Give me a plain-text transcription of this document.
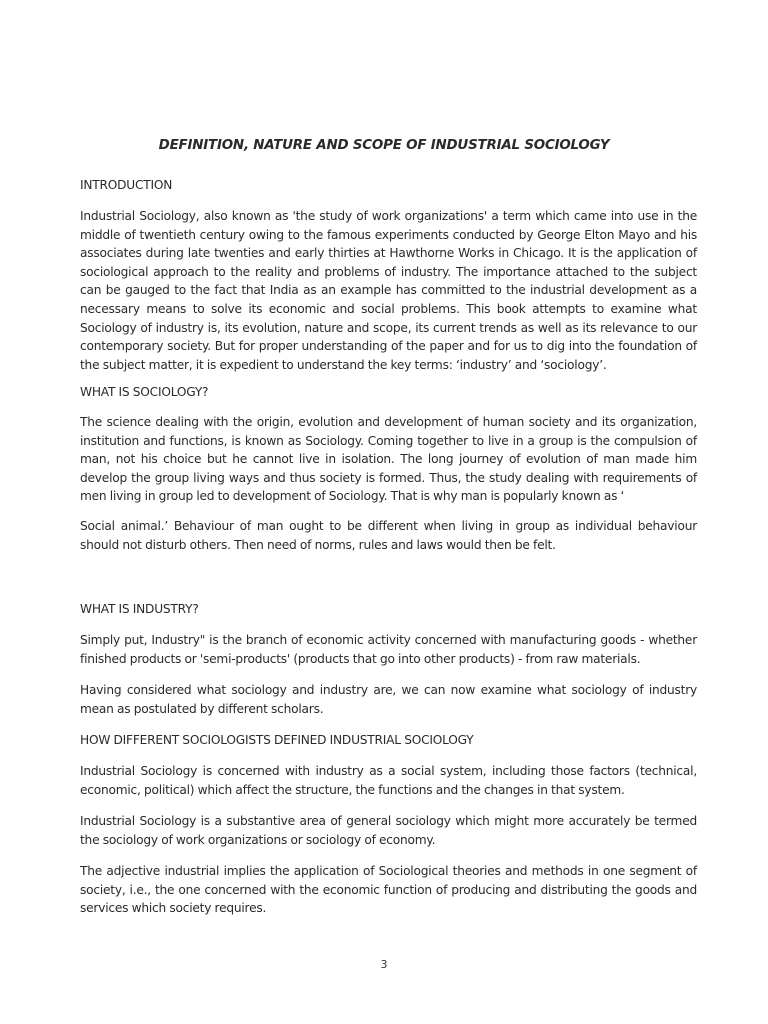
DEFINITION, NATURE AND SCOPE OF INDUSTRIAL SOCIOLOGY
INTRODUCTION

Industrial Sociology, also known as 'the study of work organizations' a term which came into use in the middle of twentieth century owing to the famous experiments conducted by George Elton Mayo and his associates during late twenties and early thirties at Hawthorne Works in Chicago. It is the application of sociological approach to the reality and problems of industry. The importance attached to the subject can be gauged to the fact that India as an example has committed to the industrial development as a necessary means to solve its economic and social problems. This book attempts to examine what Sociology of industry is, its evolution, nature and scope, its current trends as well as its relevance to our contemporary society. But for proper understanding of the paper and for us to dig into the foundation of the subject matter, it is expedient to understand the key terms: ‘industry’ and ‘sociology’.

WHAT IS SOCIOLOGY?

The science dealing with the origin, evolution and development of human society and its organization, institution and functions, is known as Sociology. Coming together to live in a group is the compulsion of man, not his choice but he cannot live in isolation. The long journey of evolution of man made him develop the group living ways and thus society is formed. Thus, the study dealing with requirements of men living in group led to development of Sociology. That is why man is popularly known as ‘

Social animal.’ Behaviour of man ought to be different when living in group as individual behaviour should not disturb others. Then need of norms, rules and laws would then be felt.

WHAT IS INDUSTRY?

Simply put, Industry" is the branch of economic activity concerned with manufacturing goods - whether finished products or 'semi-products' (products that go into other products) - from raw materials.

Having considered what sociology and industry are, we can now examine what sociology of industry mean as postulated by different scholars.

HOW DIFFERENT SOCIOLOGISTS DEFINED INDUSTRIAL SOCIOLOGY

Industrial Sociology is concerned with industry as a social system, including those factors (technical, economic, political) which affect the structure, the functions and the changes in that system.

Industrial Sociology is a substantive area of general sociology which might more accurately be termed the sociology of work organizations or sociology of economy.

The adjective industrial implies the application of Sociological theories and methods in one segment of society, i.e., the one concerned with the economic function of producing and distributing the goods and services which society requires.

3
